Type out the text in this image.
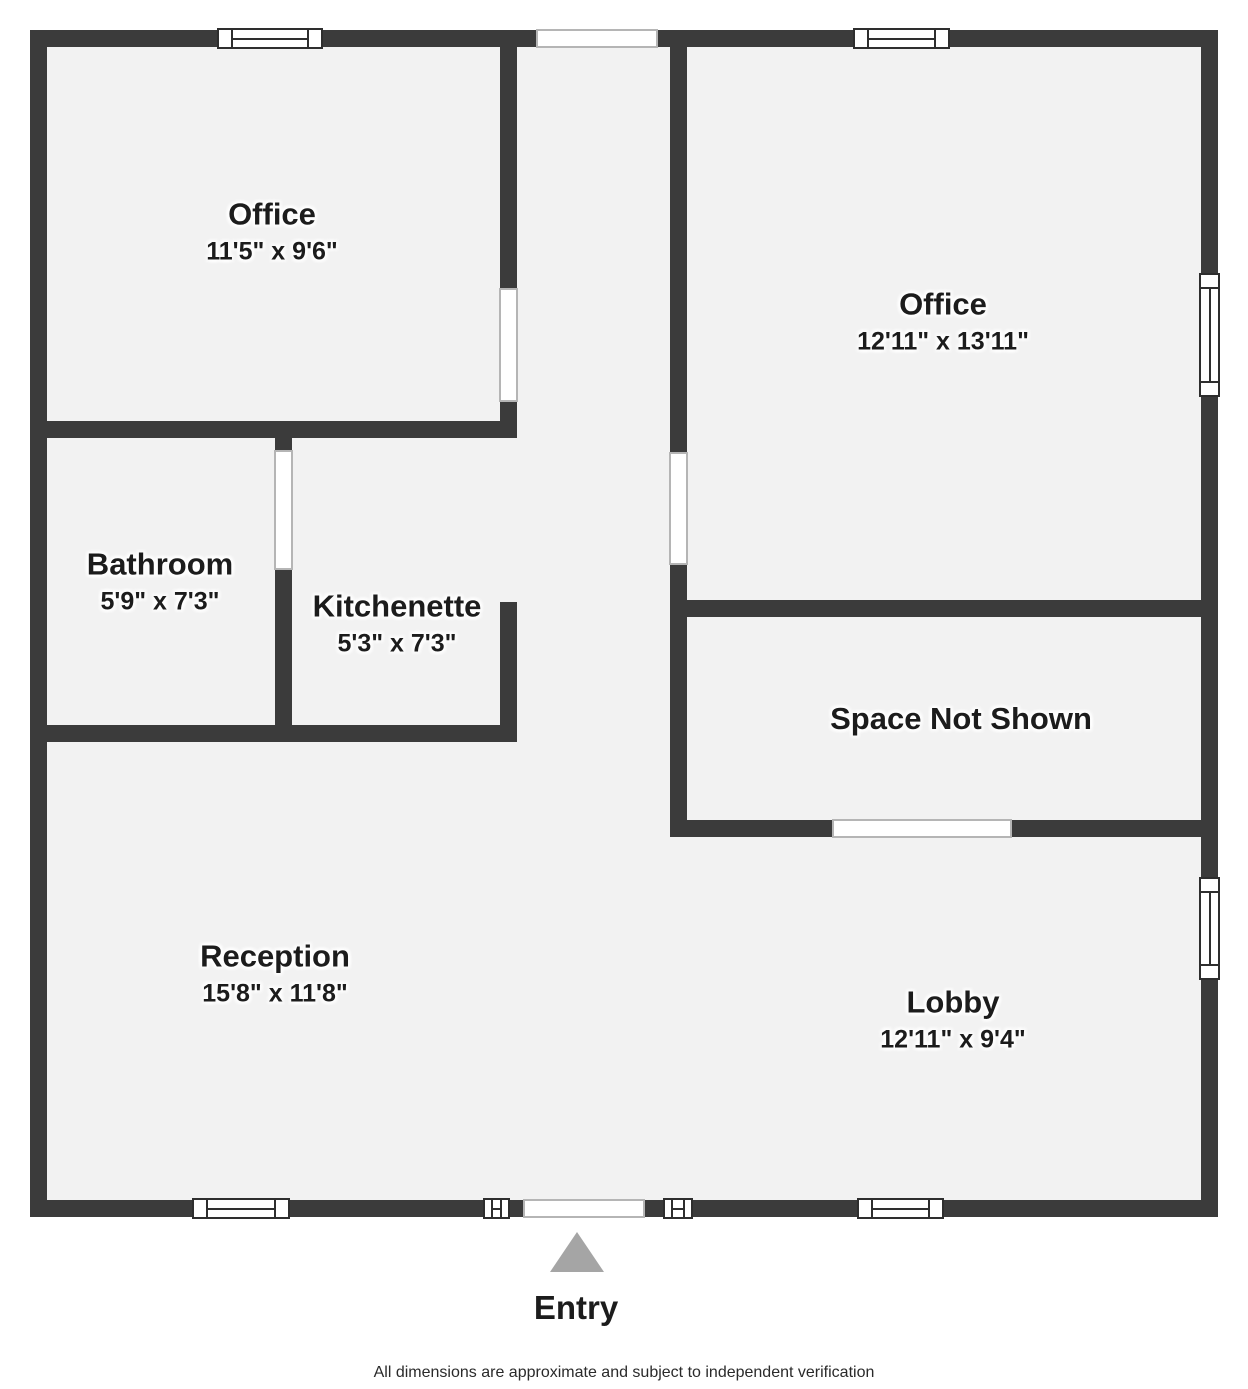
Office
11'5" x 9'6"
Office
12'11" x 13'11"
Bathroom
5'9" x 7'3"	Kitchenette
5'3" x 7'3"
Space Not Shown
Reception
15'8" x 11'8"	Lobby
12'11" x 9'4"
Entry
All dimensions are approximate and subject to independent verification
